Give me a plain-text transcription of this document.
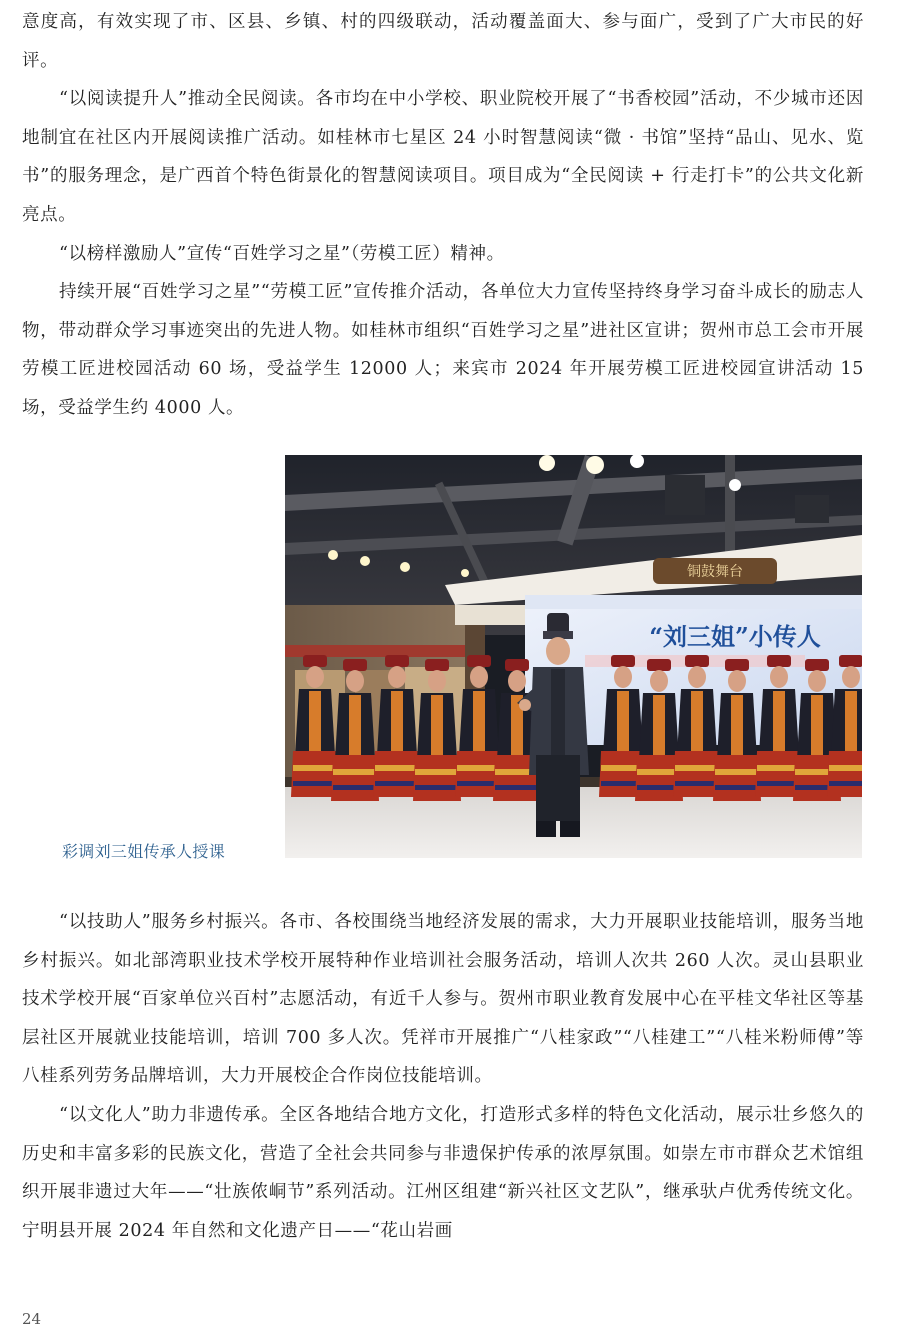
意度高，有效实现了市、区县、乡镇、村的四级联动，活动覆盖面大、参与面广，受到了广大市民的好评。

“以阅读提升人”推动全民阅读。各市均在中小学校、职业院校开展了“书香校园”活动，不少城市还因地制宜在社区内开展阅读推广活动。如桂林市七星区 24 小时智慧阅读“微 · 书馆”坚持“品山、见水、览书”的服务理念，是广西首个特色街景化的智慧阅读项目。项目成为“全民阅读 + 行走打卡”的公共文化新亮点。

“以榜样激励人”宣传“百姓学习之星”（劳模工匠）精神。

持续开展“百姓学习之星”“劳模工匠”宣传推介活动，各单位大力宣传坚持终身学习奋斗成长的励志人物，带动群众学习事迹突出的先进人物。如桂林市组织“百姓学习之星”进社区宣讲；贺州市总工会市开展劳模工匠进校园活动 60 场，受益学生 12000 人；来宾市 2024 年开展劳模工匠进校园宣讲活动 15 场，受益学生约 4000 人。

铜鼓舞台
“刘三姐”小传人
彩调刘三姐传承人授课

“以技助人”服务乡村振兴。各市、各校围绕当地经济发展的需求，大力开展职业技能培训，服务当地乡村振兴。如北部湾职业技术学校开展特种作业培训社会服务活动，培训人次共 260 人次。灵山县职业技术学校开展“百家单位兴百村”志愿活动，有近千人参与。贺州市职业教育发展中心在平桂文华社区等基层社区开展就业技能培训，培训 700 多人次。凭祥市开展推广“八桂家政”“八桂建工”“八桂米粉师傅”等八桂系列劳务品牌培训，大力开展校企合作岗位技能培训。

“以文化人”助力非遗传承。全区各地结合地方文化，打造形式多样的特色文化活动，展示壮乡悠久的历史和丰富多彩的民族文化，营造了全社会共同参与非遗保护传承的浓厚氛围。如崇左市市群众艺术馆组织开展非遗过大年——“壮族侬峒节”系列活动。江州区组建“新兴社区文艺队”，继承驮卢优秀传统文化。宁明县开展 2024 年自然和文化遗产日——“花山岩画

24
